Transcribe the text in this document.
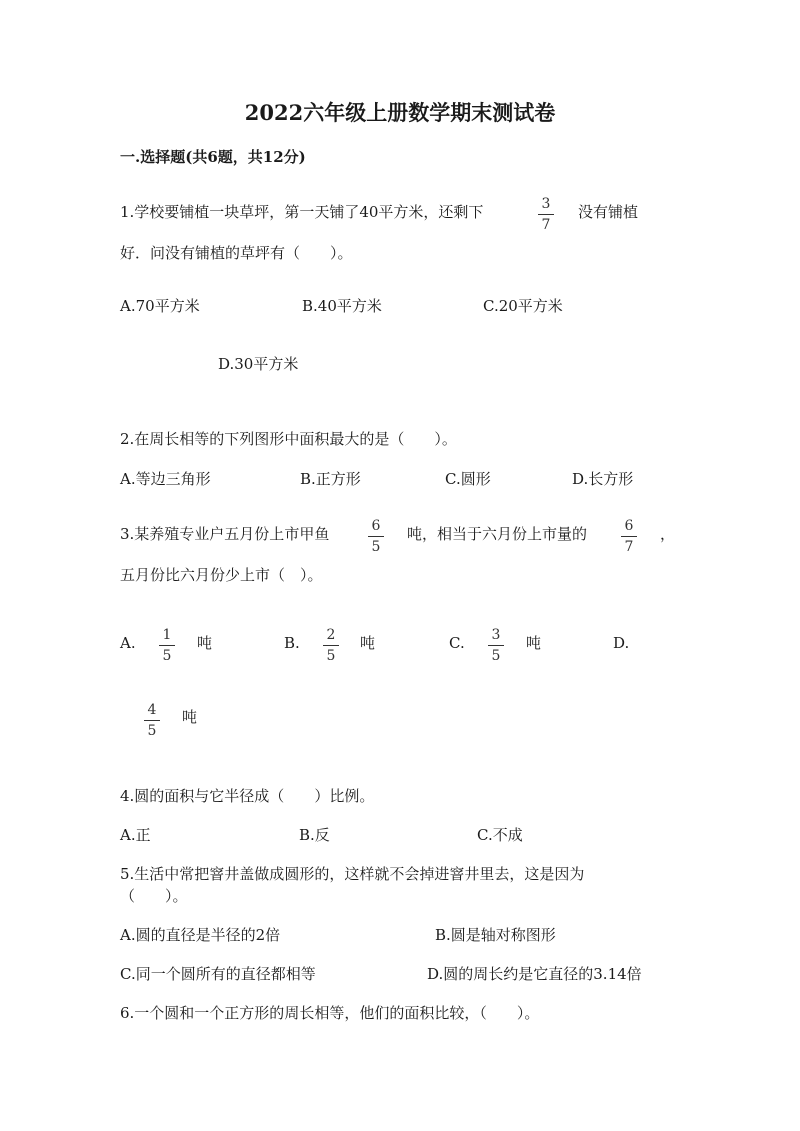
2022六年级上册数学期末测试卷
一.选择题(共6题，共12分)
1.学校要铺植一块草坪，第一天铺了40平方米，还剩下	3
7
没有铺植
好．问没有铺植的草坪有（　　）。
A.70平方米	B.40平方米	C.20平方米
D.30平方米
2.在周长相等的下列图形中面积最大的是（　　）。
A.等边三角形	B.正方形	C.圆形	D.长方形
3.某养殖专业户五月份上市甲鱼	6
5
吨，相当于六月份上市量的	6
7
，
五月份比六月份少上市（　）。
A.	1
5
吨	B.	2
5
吨	C.	3
5
吨	D.
4
5
吨
4.圆的面积与它半径成（　　）比例。
A.正	B.反	C.不成
5.生活中常把窨井盖做成圆形的，这样就不会掉进窨井里去，这是因为
（　　）。
A.圆的直径是半径的2倍	B.圆是轴对称图形
C.同一个圆所有的直径都相等	D.圆的周长约是它直径的3.14倍
6.一个圆和一个正方形的周长相等，他们的面积比较，（　　）。
